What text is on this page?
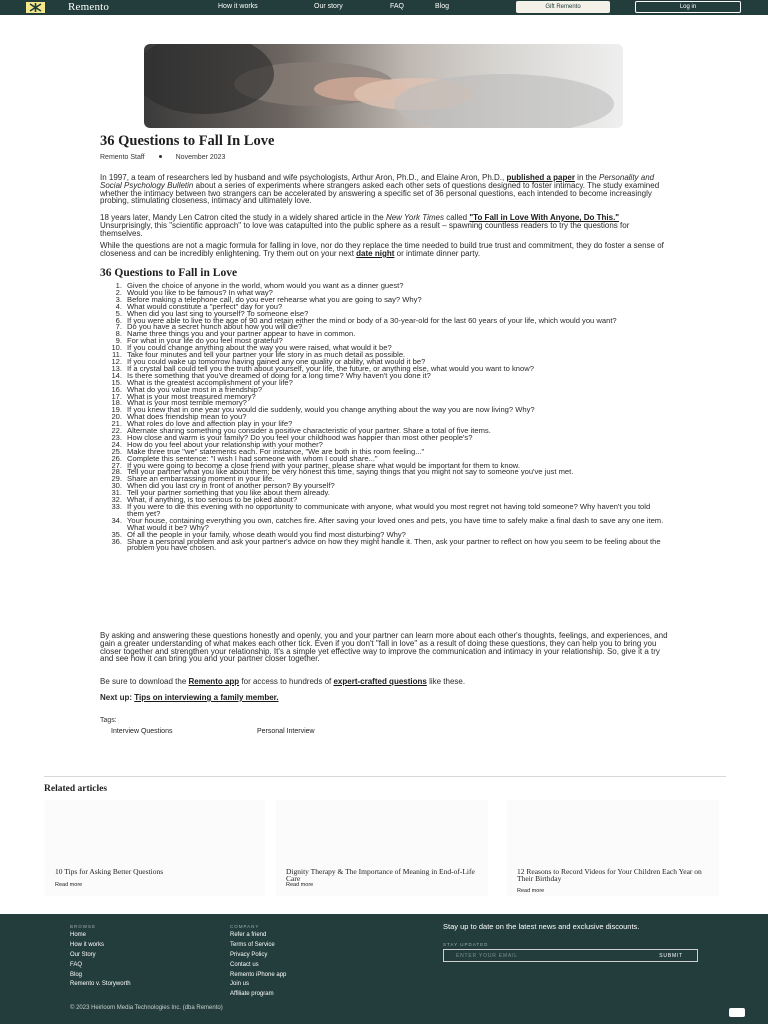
Remento	How it works	Our story	FAQ	Blog	Gift Remento	Log in
36 Questions to Fall In Love
Remento Staff	November 2023

In 1997, a team of researchers led by husband and wife psychologists, Arthur Aron, Ph.D., and Elaine Aron, Ph.D., published a paper in the Personality and Social Psychology Bulletin about a series of experiments where strangers asked each other sets of questions designed to foster intimacy. The study examined whether the intimacy between two strangers can be accelerated by answering a specific set of 36 personal questions, each intended to become increasingly probing, stimulating closeness, intimacy and ultimately love.

18 years later, Mandy Len Catron cited the study in a widely shared article in the New York Times called "To Fall in Love With Anyone, Do This." Unsurprisingly, this "scientific approach" to love was catapulted into the public sphere as a result – spawning countless readers to try the questions for themselves.

While the questions are not a magic formula for falling in love, nor do they replace the time needed to build true trust and commitment, they do foster a sense of closeness and can be incredibly enlightening. Try them out on your next date night or intimate dinner party.

36 Questions to Fall in Love
1. Given the choice of anyone in the world, whom would you want as a dinner guest?
2. Would you like to be famous? In what way?
3. Before making a telephone call, do you ever rehearse what you are going to say? Why?
4. What would constitute a "perfect" day for you?
5. When did you last sing to yourself? To someone else?
6. If you were able to live to the age of 90 and retain either the mind or body of a 30-year-old for the last 60 years of your life, which would you want?
7. Do you have a secret hunch about how you will die?
8. Name three things you and your partner appear to have in common.
9. For what in your life do you feel most grateful?
10. If you could change anything about the way you were raised, what would it be?
11. Take four minutes and tell your partner your life story in as much detail as possible.
12. If you could wake up tomorrow having gained any one quality or ability, what would it be?
13. If a crystal ball could tell you the truth about yourself, your life, the future, or anything else, what would you want to know?
14. Is there something that you've dreamed of doing for a long time? Why haven't you done it?
15. What is the greatest accomplishment of your life?
16. What do you value most in a friendship?
17. What is your most treasured memory?
18. What is your most terrible memory?
19. If you knew that in one year you would die suddenly, would you change anything about the way you are now living? Why?
20. What does friendship mean to you?
21. What roles do love and affection play in your life?
22. Alternate sharing something you consider a positive characteristic of your partner. Share a total of five items.
23. How close and warm is your family? Do you feel your childhood was happier than most other people's?
24. How do you feel about your relationship with your mother?
25. Make three true "we" statements each. For instance, "We are both in this room feeling..."
26. Complete this sentence: "I wish I had someone with whom I could share..."
27. If you were going to become a close friend with your partner, please share what would be important for them to know.
28. Tell your partner what you like about them; be very honest this time, saying things that you might not say to someone you've just met.
29. Share an embarrassing moment in your life.
30. When did you last cry in front of another person? By yourself?
31. Tell your partner something that you like about them already.
32. What, if anything, is too serious to be joked about?
33. If you were to die this evening with no opportunity to communicate with anyone, what would you most regret not having told someone? Why haven't you told them yet?
34. Your house, containing everything you own, catches fire. After saving your loved ones and pets, you have time to safely make a final dash to save any one item. What would it be? Why?
35. Of all the people in your family, whose death would you find most disturbing? Why?
36. Share a personal problem and ask your partner's advice on how they might handle it. Then, ask your partner to reflect on how you seem to be feeling about the problem you have chosen.

By asking and answering these questions honestly and openly, you and your partner can learn more about each other's thoughts, feelings, and experiences, and gain a greater understanding of what makes each other tick. Even if you don't "fall in love" as a result of doing these questions, they can help you to bring you closer together and strengthen your relationship. It's a simple yet effective way to improve the communication and intimacy in your relationship. So, give it a try and see how it can bring you and your partner closer together.

Be sure to download the Remento app for access to hundreds of expert-crafted questions like these.

Next up: Tips on interviewing a family member.

Tags:
Interview Questions	Personal Interview
Related articles
10 Tips for Asking Better Questions
Read more
Dignity Therapy & The Importance of Meaning in End-of-Life Care
Read more
12 Reasons to Record Videos for Your Children Each Year on Their Birthday
Read more
BROWSE
Home
How it works
Our Story
FAQ
Blog
Remento v. Storyworth
COMPANY
Refer a friend
Terms of Service
Privacy Policy
Contact us
Remento iPhone app
Join us
Affiliate program
Stay up to date on the latest news and exclusive discounts.
STAY UPDATED
ENTER YOUR EMAIL	SUBMIT
© 2023 Heirloom Media Technologies Inc. (dba Remento)
